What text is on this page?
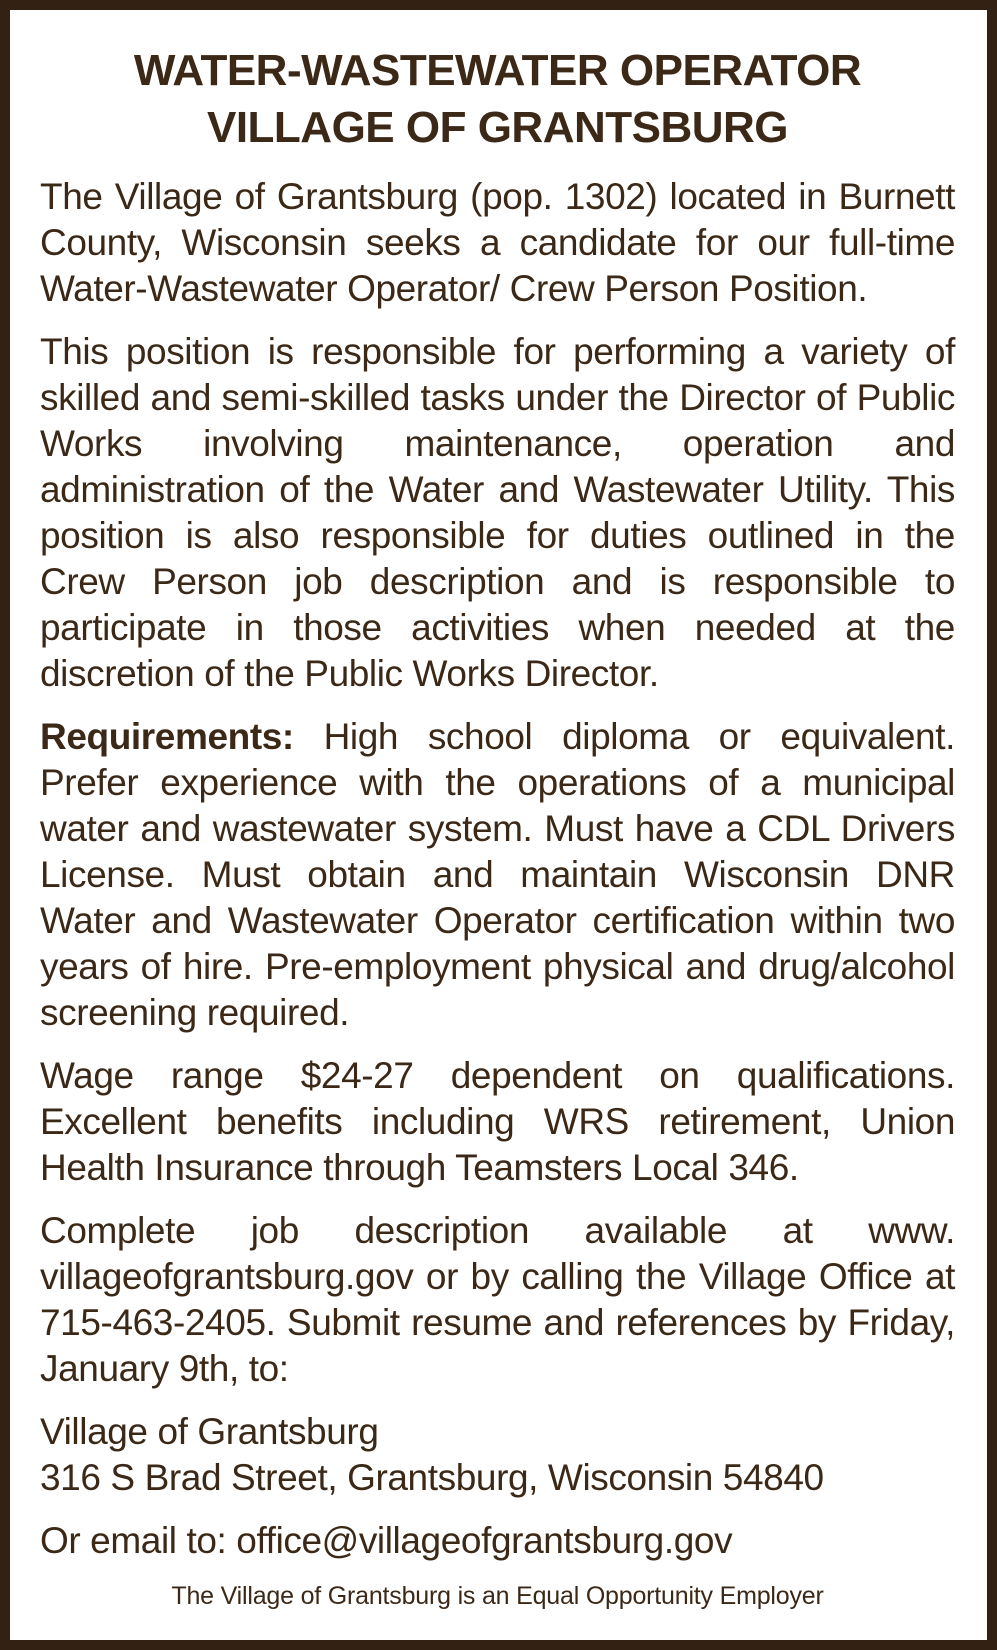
WATER-WASTEWATER OPERATOR
VILLAGE OF GRANTSBURG

The Village of Grantsburg (pop. 1302) located in Burnett County, Wisconsin seeks a candidate for our full-time Water-Wastewater Operator/ Crew Person Position.

This position is responsible for performing a variety of skilled and semi-skilled tasks under the Director of Public Works involving maintenance, operation and administration of the Water and Wastewater Utility. This position is also responsible for duties outlined in the Crew Person job description and is responsible to participate in those activities when needed at the discretion of the Public Works Director.

Requirements: High school diploma or equivalent. Prefer experience with the operations of a municipal water and wastewater system. Must have a CDL Drivers License. Must obtain and maintain Wisconsin DNR Water and Wastewater Operator certification within two years of hire. Pre-employment physical and drug/alcohol screening required.

Wage range $24-27 dependent on qualifications. Excellent benefits including WRS retirement, Union Health Insurance through Teamsters Local 346.

Complete job description available at www. villageofgrantsburg.gov or by calling the Village Office at 715-463-2405. Submit resume and references by Friday, January 9th, to:

Village of Grantsburg
316 S Brad Street, Grantsburg, Wisconsin 54840

Or email to: office@villageofgrantsburg.gov

The Village of Grantsburg is an Equal Opportunity Employer
